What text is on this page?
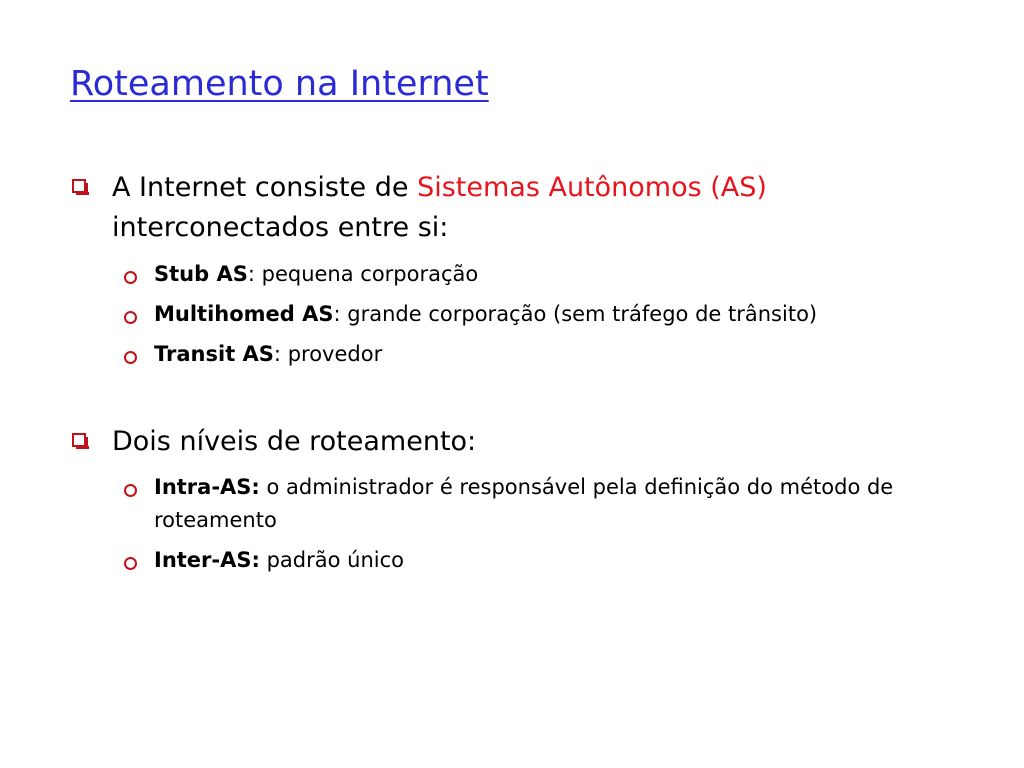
Roteamento na Internet
A Internet consiste de Sistemas Autônomos (AS)
interconectados entre si:
Stub AS: pequena corporação
Multihomed AS: grande corporação (sem tráfego de trânsito)
Transit AS: provedor
Dois níveis de roteamento:
Intra-AS: o administrador é responsável pela definição do método de roteamento
Inter-AS: padrão único
